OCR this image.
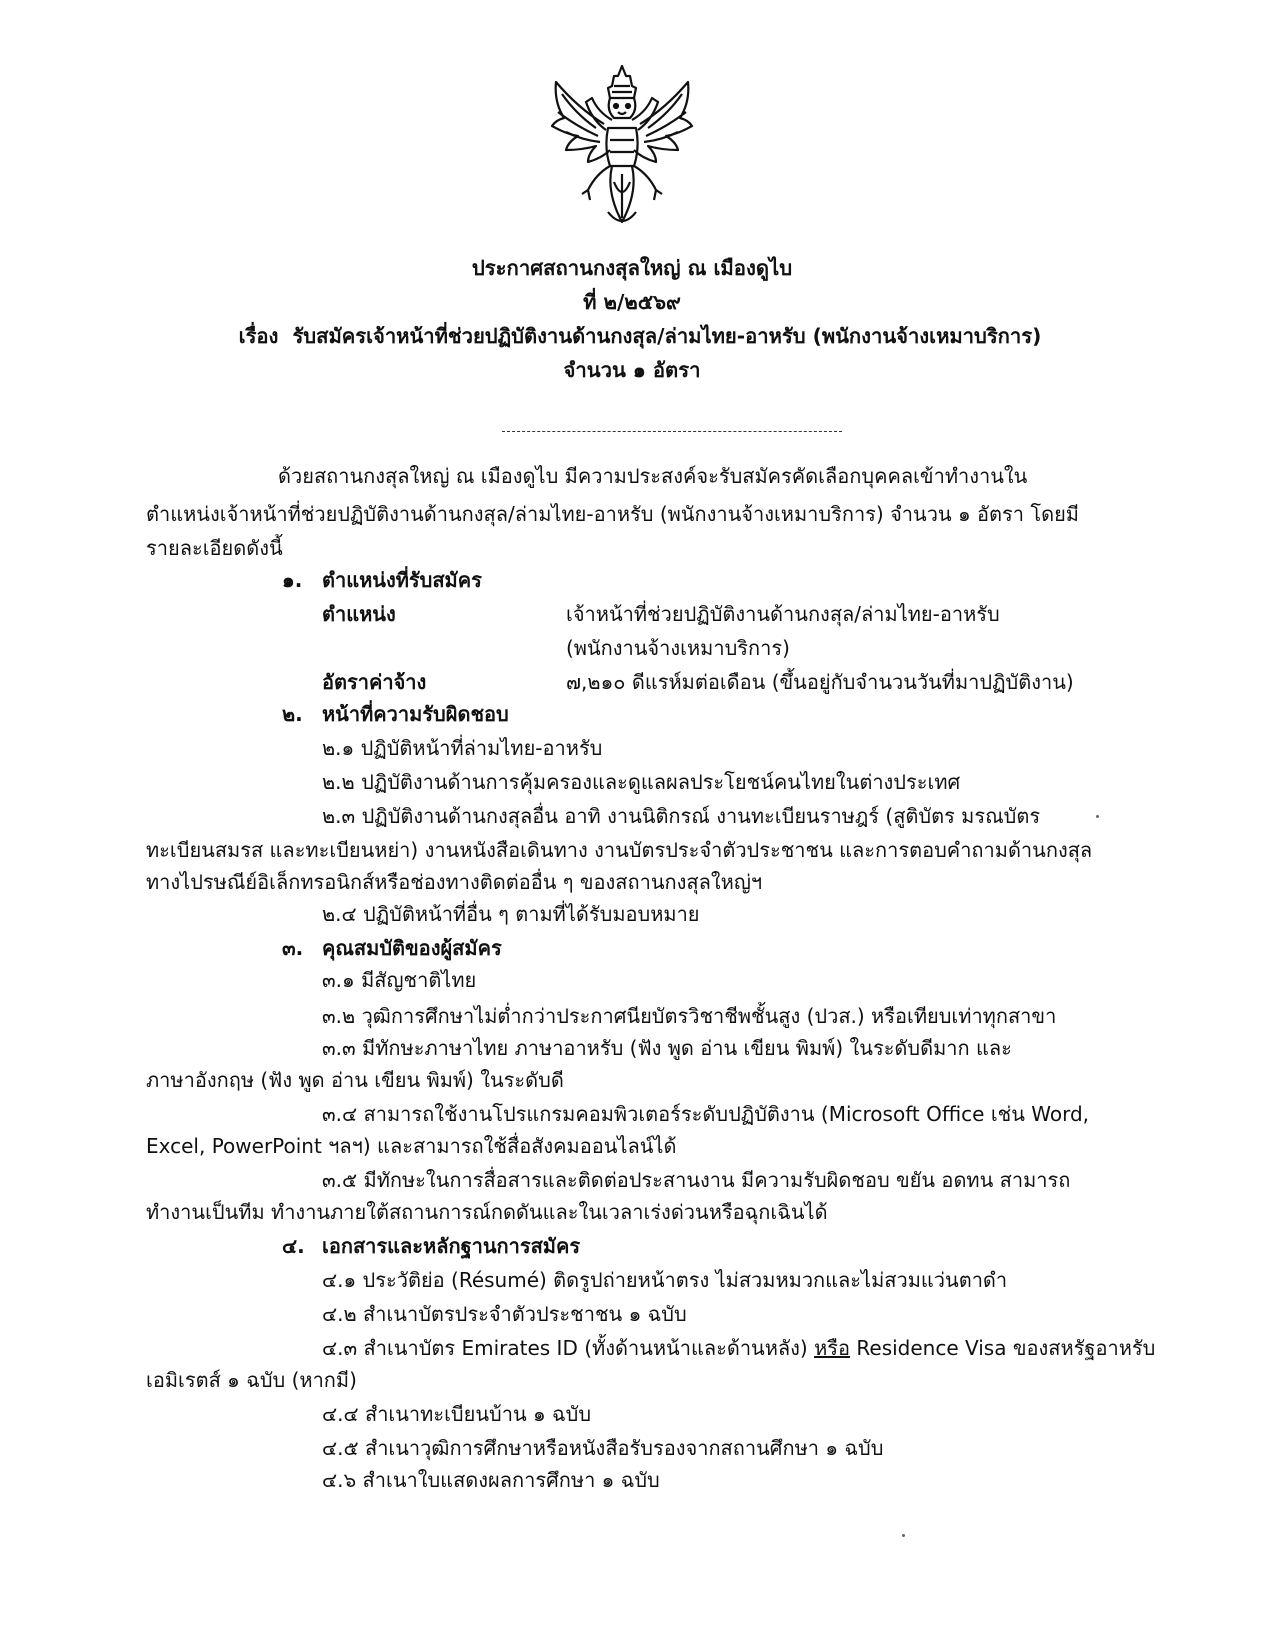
ประกาศสถานกงสุลใหญ่ ณ เมืองดูไบ
ที่ ๒/๒๕๖๙
เรื่อง รับสมัครเจ้าหน้าที่ช่วยปฏิบัติงานด้านกงสุล/ล่ามไทย-อาหรับ (พนักงานจ้างเหมาบริการ)
จำนวน ๑ อัตรา
ด้วยสถานกงสุลใหญ่ ณ เมืองดูไบ มีความประสงค์จะรับสมัครคัดเลือกบุคคลเข้าทำงานใน
ตำแหน่งเจ้าหน้าที่ช่วยปฏิบัติงานด้านกงสุล/ล่ามไทย-อาหรับ (พนักงานจ้างเหมาบริการ) จำนวน ๑ อัตรา โดยมี
รายละเอียดดังนี้
๑. ตำแหน่งที่รับสมัคร
ตำแหน่ง	เจ้าหน้าที่ช่วยปฏิบัติงานด้านกงสุล/ล่ามไทย-อาหรับ
(พนักงานจ้างเหมาบริการ)
อัตราค่าจ้าง	๗,๒๑๐ ดีแรห์มต่อเดือน (ขึ้นอยู่กับจำนวนวันที่มาปฏิบัติงาน)
๒. หน้าที่ความรับผิดชอบ
๒.๑ ปฏิบัติหน้าที่ล่ามไทย-อาหรับ
๒.๒ ปฏิบัติงานด้านการคุ้มครองและดูแลผลประโยชน์คนไทยในต่างประเทศ
๒.๓ ปฏิบัติงานด้านกงสุลอื่น อาทิ งานนิติกรณ์ งานทะเบียนราษฎร์ (สูติบัตร มรณบัตร
ทะเบียนสมรส และทะเบียนหย่า) งานหนังสือเดินทาง งานบัตรประจำตัวประชาชน และการตอบคำถามด้านกงสุล
ทางไปรษณีย์อิเล็กทรอนิกส์หรือช่องทางติดต่ออื่น ๆ ของสถานกงสุลใหญ่ฯ
๒.๔ ปฏิบัติหน้าที่อื่น ๆ ตามที่ได้รับมอบหมาย
๓. คุณสมบัติของผู้สมัคร
๓.๑ มีสัญชาติไทย
๓.๒ วุฒิการศึกษาไม่ต่ำกว่าประกาศนียบัตรวิชาชีพชั้นสูง (ปวส.) หรือเทียบเท่าทุกสาขา
๓.๓ มีทักษะภาษาไทย ภาษาอาหรับ (ฟัง พูด อ่าน เขียน พิมพ์) ในระดับดีมาก และ
ภาษาอังกฤษ (ฟัง พูด อ่าน เขียน พิมพ์) ในระดับดี
๓.๔ สามารถใช้งานโปรแกรมคอมพิวเตอร์ระดับปฏิบัติงาน (Microsoft Office เช่น Word,
Excel, PowerPoint ฯลฯ) และสามารถใช้สื่อสังคมออนไลน์ได้
๓.๕ มีทักษะในการสื่อสารและติดต่อประสานงาน มีความรับผิดชอบ ขยัน อดทน สามารถ
ทำงานเป็นทีม ทำงานภายใต้สถานการณ์กดดันและในเวลาเร่งด่วนหรือฉุกเฉินได้
๔. เอกสารและหลักฐานการสมัคร
๔.๑ ประวัติย่อ (Résumé) ติดรูปถ่ายหน้าตรง ไม่สวมหมวกและไม่สวมแว่นตาดำ
๔.๒ สำเนาบัตรประจำตัวประชาชน ๑ ฉบับ
๔.๓ สำเนาบัตร Emirates ID (ทั้งด้านหน้าและด้านหลัง) หรือ Residence Visa ของสหรัฐอาหรับ
เอมิเรตส์ ๑ ฉบับ (หากมี)
๔.๔ สำเนาทะเบียนบ้าน ๑ ฉบับ
๔.๕ สำเนาวุฒิการศึกษาหรือหนังสือรับรองจากสถานศึกษา ๑ ฉบับ
๔.๖ สำเนาใบแสดงผลการศึกษา ๑ ฉบับ
